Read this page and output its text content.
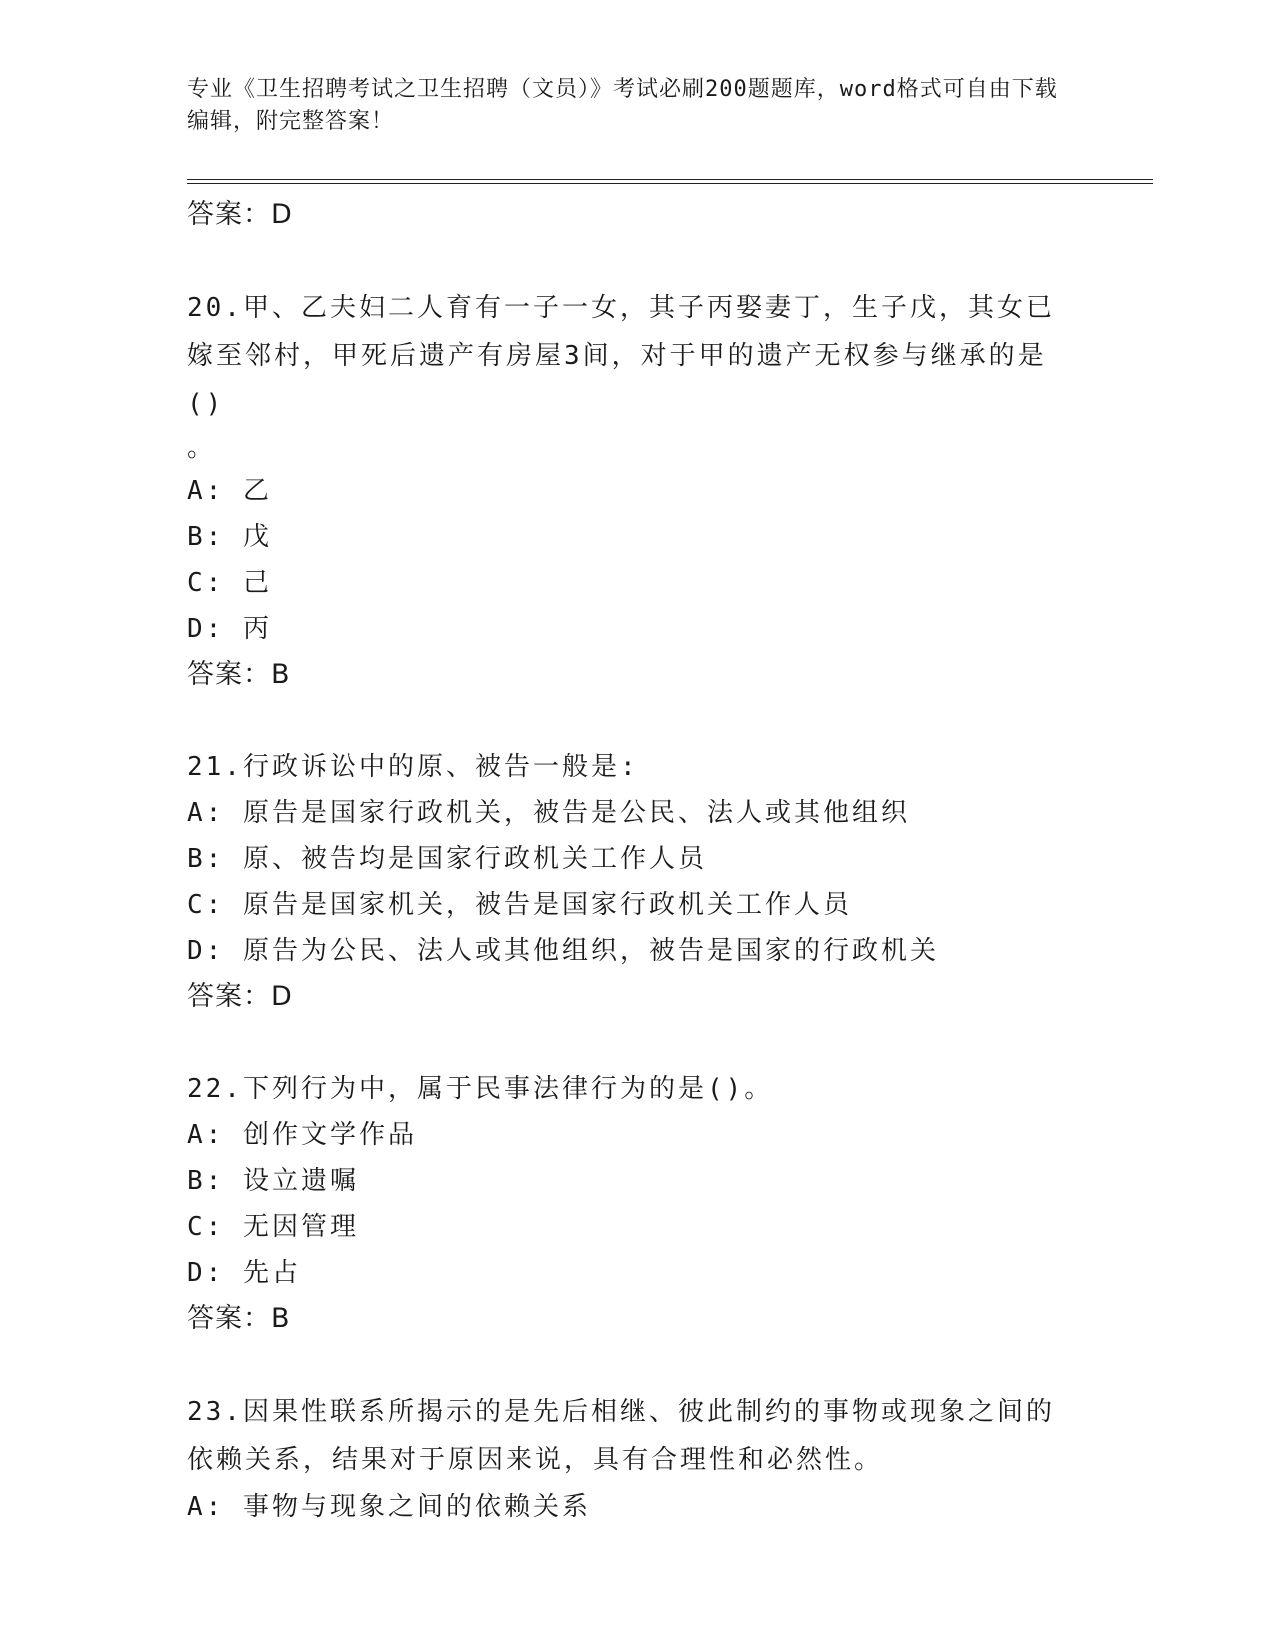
专业《卫生招聘考试之卫生招聘（文员）》考试必刷200题题库，word格式可自由下载编辑，附完整答案！
答案：D
20.甲、乙夫妇二人育有一子一女，其子丙娶妻丁，生子戊，其女已嫁至邻村，甲死后遗产有房屋3间，对于甲的遗产无权参与继承的是()
。
A: 乙
B: 戊
C: 己
D: 丙
答案：B
21.行政诉讼中的原、被告一般是:
A: 原告是国家行政机关，被告是公民、法人或其他组织
B: 原、被告均是国家行政机关工作人员
C: 原告是国家机关，被告是国家行政机关工作人员
D: 原告为公民、法人或其他组织，被告是国家的行政机关
答案：D
22.下列行为中，属于民事法律行为的是()。
A: 创作文学作品
B: 设立遗嘱
C: 无因管理
D: 先占
答案：B
23.因果性联系所揭示的是先后相继、彼此制约的事物或现象之间的依赖关系，结果对于原因来说，具有合理性和必然性。
A: 事物与现象之间的依赖关系
